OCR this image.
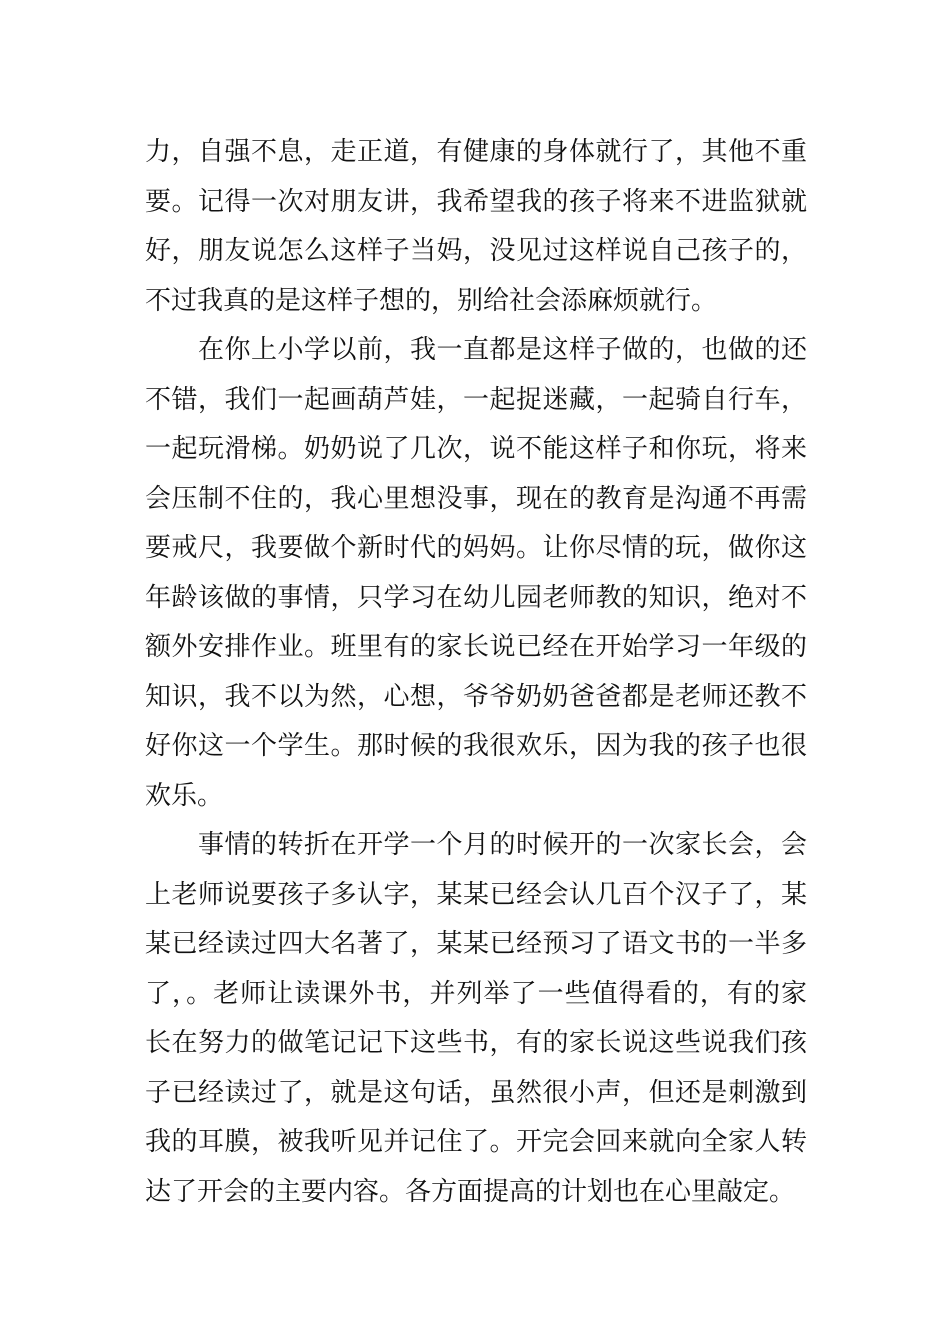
力，自强不息，走正道，有健康的身体就行了，其他不重
要。记得一次对朋友讲，我希望我的孩子将来不进监狱就
好，朋友说怎么这样子当妈，没见过这样说自己孩子的，
不过我真的是这样子想的，别给社会添麻烦就行。
在你上小学以前，我一直都是这样子做的，也做的还
不错，我们一起画葫芦娃，一起捉迷藏，一起骑自行车，
一起玩滑梯。奶奶说了几次，说不能这样子和你玩，将来
会压制不住的，我心里想没事，现在的教育是沟通不再需
要戒尺，我要做个新时代的妈妈。让你尽情的玩，做你这
年龄该做的事情，只学习在幼儿园老师教的知识，绝对不
额外安排作业。班里有的家长说已经在开始学习一年级的
知识，我不以为然，心想，爷爷奶奶爸爸都是老师还教不
好你这一个学生。那时候的我很欢乐，因为我的孩子也很
欢乐。
事情的转折在开学一个月的时候开的一次家长会，会
上老师说要孩子多认字，某某已经会认几百个汉子了，某
某已经读过四大名著了，某某已经预习了语文书的一半多
了，。老师让读课外书，并列举了一些值得看的，有的家
长在努力的做笔记记下这些书，有的家长说这些说我们孩
子已经读过了，就是这句话，虽然很小声，但还是刺激到
我的耳膜，被我听见并记住了。开完会回来就向全家人转
达了开会的主要内容。各方面提高的计划也在心里敲定。
